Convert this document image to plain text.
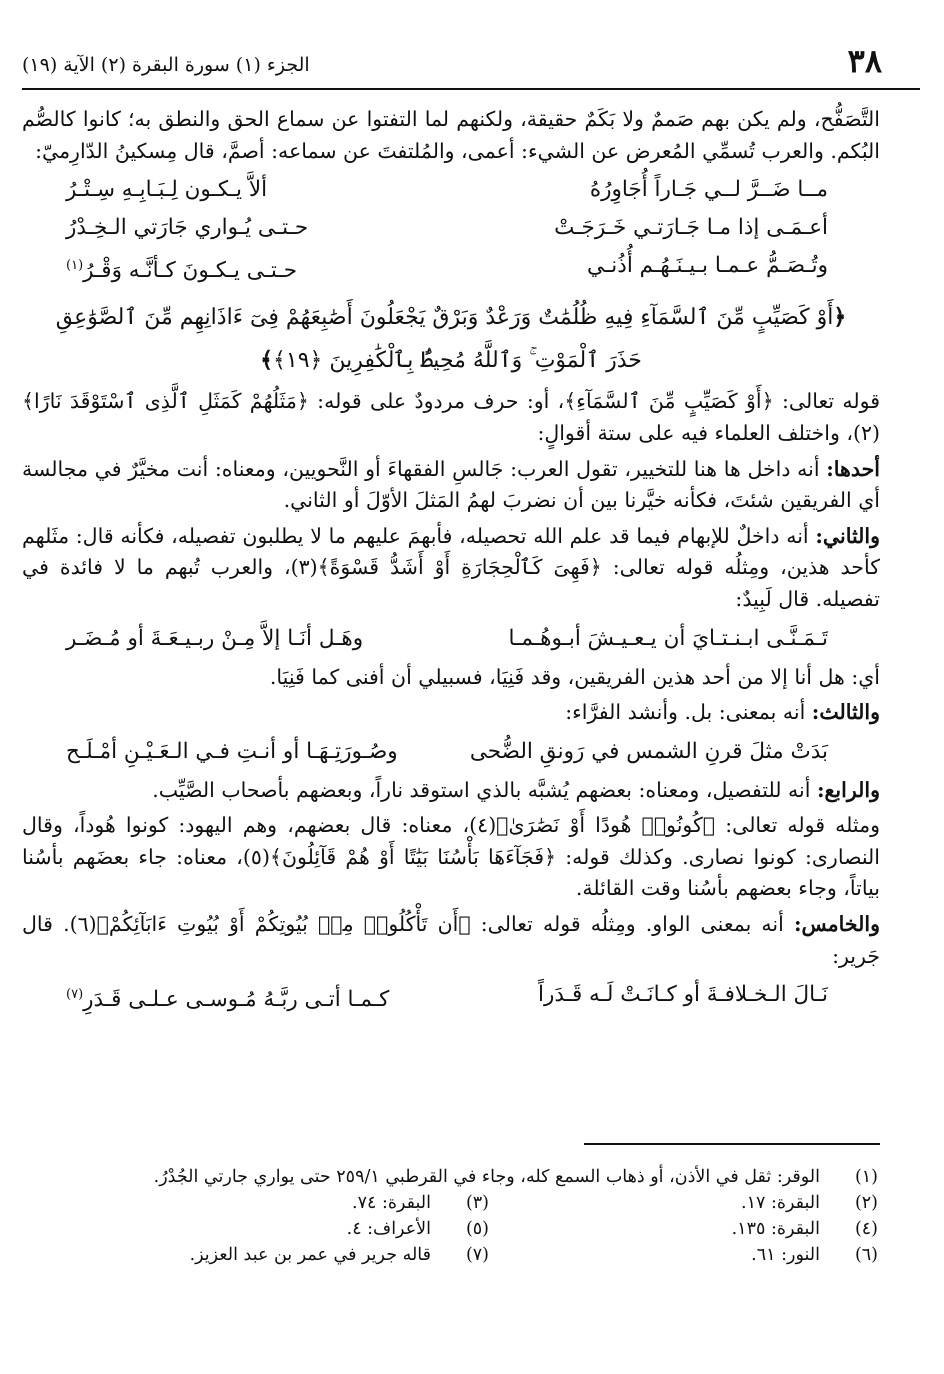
٣٨
الجزء (١) سورة البقرة (٢) الآية (١٩)

التَّصَفُّح، ولم يكن بهم صَممٌ ولا بَكَمٌ حقيقة، ولكنهم لما التفتوا عن سماع الحق والنطق به؛ كانوا كالصُّم البُكم. والعرب تُسمِّي المُعرض عن الشيء: أعمى، والمُلتفتَ عن سماعه: أصمَّ، قال مِسكينُ الدّارِميّ:

مــا ضَــرَّ لــي جَـاراً أُجَاوِرُهُ
ألاَّ يـكـون لِـبَـابِـهِ سِـتْـرُ
أعـمَـى إذا مـا جَـارَتـي خَـرَجَـتْ
حـتـى يُـواري جَارَتي الـخِـدْرُ
وتُـصَـمُّ عـمـا بـيـنَـهُـم أُذُنـي
حـتـى يـكـونَ كـأنَّـه وَقْـرُ$^{(١)}$
﴿أَوْ كَصَيِّبٍ مِّنَ ٱلسَّمَآءِ فِيهِ ظُلُمَٰتٌ وَرَعْدٌ وَبَرْقٌ يَجْعَلُونَ أَصَٰبِعَهُمْ فِىٓ ءَاذَانِهِم مِّنَ ٱلصَّوَٰعِقِ حَذَرَ ٱلْمَوْتِ ۚ وَٱللَّهُ مُحِيطٌۢ بِٱلْكَٰفِرِينَ ﴿١٩﴾﴾

قوله تعالى: ﴿أَوْ كَصَيِّبٍ مِّنَ ٱلسَّمَآءِ﴾، أو: حرف مردودٌ على قوله: ﴿مَثَلُهُمْ كَمَثَلِ ٱلَّذِى ٱسْتَوْقَدَ نَارًا﴾(٢)، واختلف العلماء فيه على ستة أقوالٍ:

أحدها: أنه داخل ها هنا للتخيير، تقول العرب: جَالسِ الفقهاءَ أو النَّحويين، ومعناه: أنت مخيَّرٌ في مجالسة أي الفريقين شئتَ، فكأنه خيَّرنا بين أن نضربَ لهمُ المَثلَ الأوّلَ أو الثاني.

والثاني: أنه داخلٌ للإبهام فيما قد علم الله تحصيله، فأبهمَ عليهم ما لا يطلبون تفصيله، فكأنه قال: مثَلهم كأحد هذين، ومِثلُه قوله تعالى: ﴿فَهِىَ كَٱلْحِجَارَةِ أَوْ أَشَدُّ قَسْوَةً﴾(٣)، والعرب تُبهم ما لا فائدة في تفصيله. قال لَبِيدٌ:

تَـمَـنَّـى ابـنـتـايَ أن يـعـيـشَ أبـوهُـمـا
وهَـل أنَـا إلاَّ مِـنْ ربـيـعَـةَ أو مُـضَـر

أي: هل أنا إلا من أحد هذين الفريقين، وقد فَنِيَا، فسبيلي أن أفنى كما فَنِيَا.

والثالث: أنه بمعنى: بل. وأنشد الفرَّاء:

بَدَتْ مثلَ قرنِ الشمس في رَونقِ الضُّحى
وصُـورَتِـهَـا أو أنـتِ فـي الـعَـيْـنِ أمْـلَـح

والرابع: أنه للتفصيل، ومعناه: بعضهم يُشبَّه بالذي استوقد ناراً، وبعضهم بأصحاب الصَّيِّب.

ومثله قوله تعالى: ﴿كُونُوا۟ هُودًا أَوْ نَصَٰرَىٰ﴾(٤)، معناه: قال بعضهم، وهم اليهود: كونوا هُوداً، وقال النصارى: كونوا نصارى. وكذلك قوله: ﴿فَجَآءَهَا بَأْسُنَا بَيَٰتًا أَوْ هُمْ قَآئِلُونَ﴾(٥)، معناه: جاء بعضَهم بأسُنا بياتاً، وجاء بعضهم بأسُنا وقت القائلة.

والخامس: أنه بمعنى الواو. ومِثلُه قوله تعالى: ﴿أَن تَأْكُلُوا۟ مِنۢ بُيُوتِكُمْ أَوْ بُيُوتِ ءَابَآئِكُمْ﴾(٦). قال جَرير:

نَـالَ الـخـلافـةَ أو كـانَـتْ لَـه قَـدَراً
كـمـا أتـى ربَّـهُ مُـوسـى عـلـى قَـدَرِ$^{(٧)}$
(١)
الوقر: ثقل في الأذن، أو ذهاب السمع كله، وجاء في القرطبي ٢٥٩/١ حتى يواري جارتي الجُدْرُ.
(٢)
البقرة: ١٧.
(٣)
البقرة: ٧٤.
(٤)
البقرة: ١٣٥.
(٥)
الأعراف: ٤.
(٦)
النور: ٦١.
(٧)
قاله جرير في عمر بن عبد العزيز.
